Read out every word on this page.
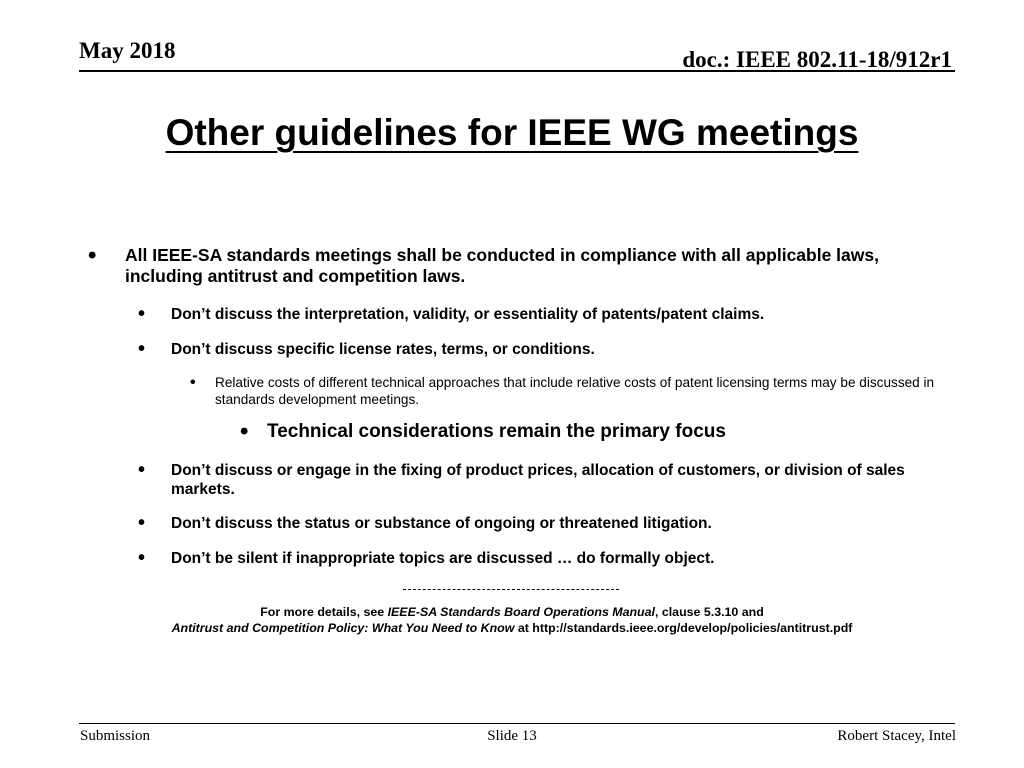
May 2018	doc.: IEEE 802.11-18/912r1
Other guidelines for IEEE WG meetings
•	All IEEE-SA standards meetings shall be conducted in compliance with all applicable laws, including antitrust and competition laws.
•	Don’t discuss the interpretation, validity, or essentiality of patents/patent claims.
•	Don’t discuss specific license rates, terms, or conditions.
•	Relative costs of different technical approaches that include relative costs of patent licensing terms may be discussed in standards development meetings.
• Technical considerations remain the primary focus
•	Don’t discuss or engage in the fixing of product prices, allocation of customers, or division of sales markets.
•	Don’t discuss the status or substance of ongoing or threatened litigation.
•	Don’t be silent if inappropriate topics are discussed … do formally object.
For more details, see IEEE-SA Standards Board Operations Manual, clause 5.3.10 and
Antitrust and Competition Policy: What You Need to Know at http://standards.ieee.org/develop/policies/antitrust.pdf
Submission	Slide 13	Robert Stacey, Intel
